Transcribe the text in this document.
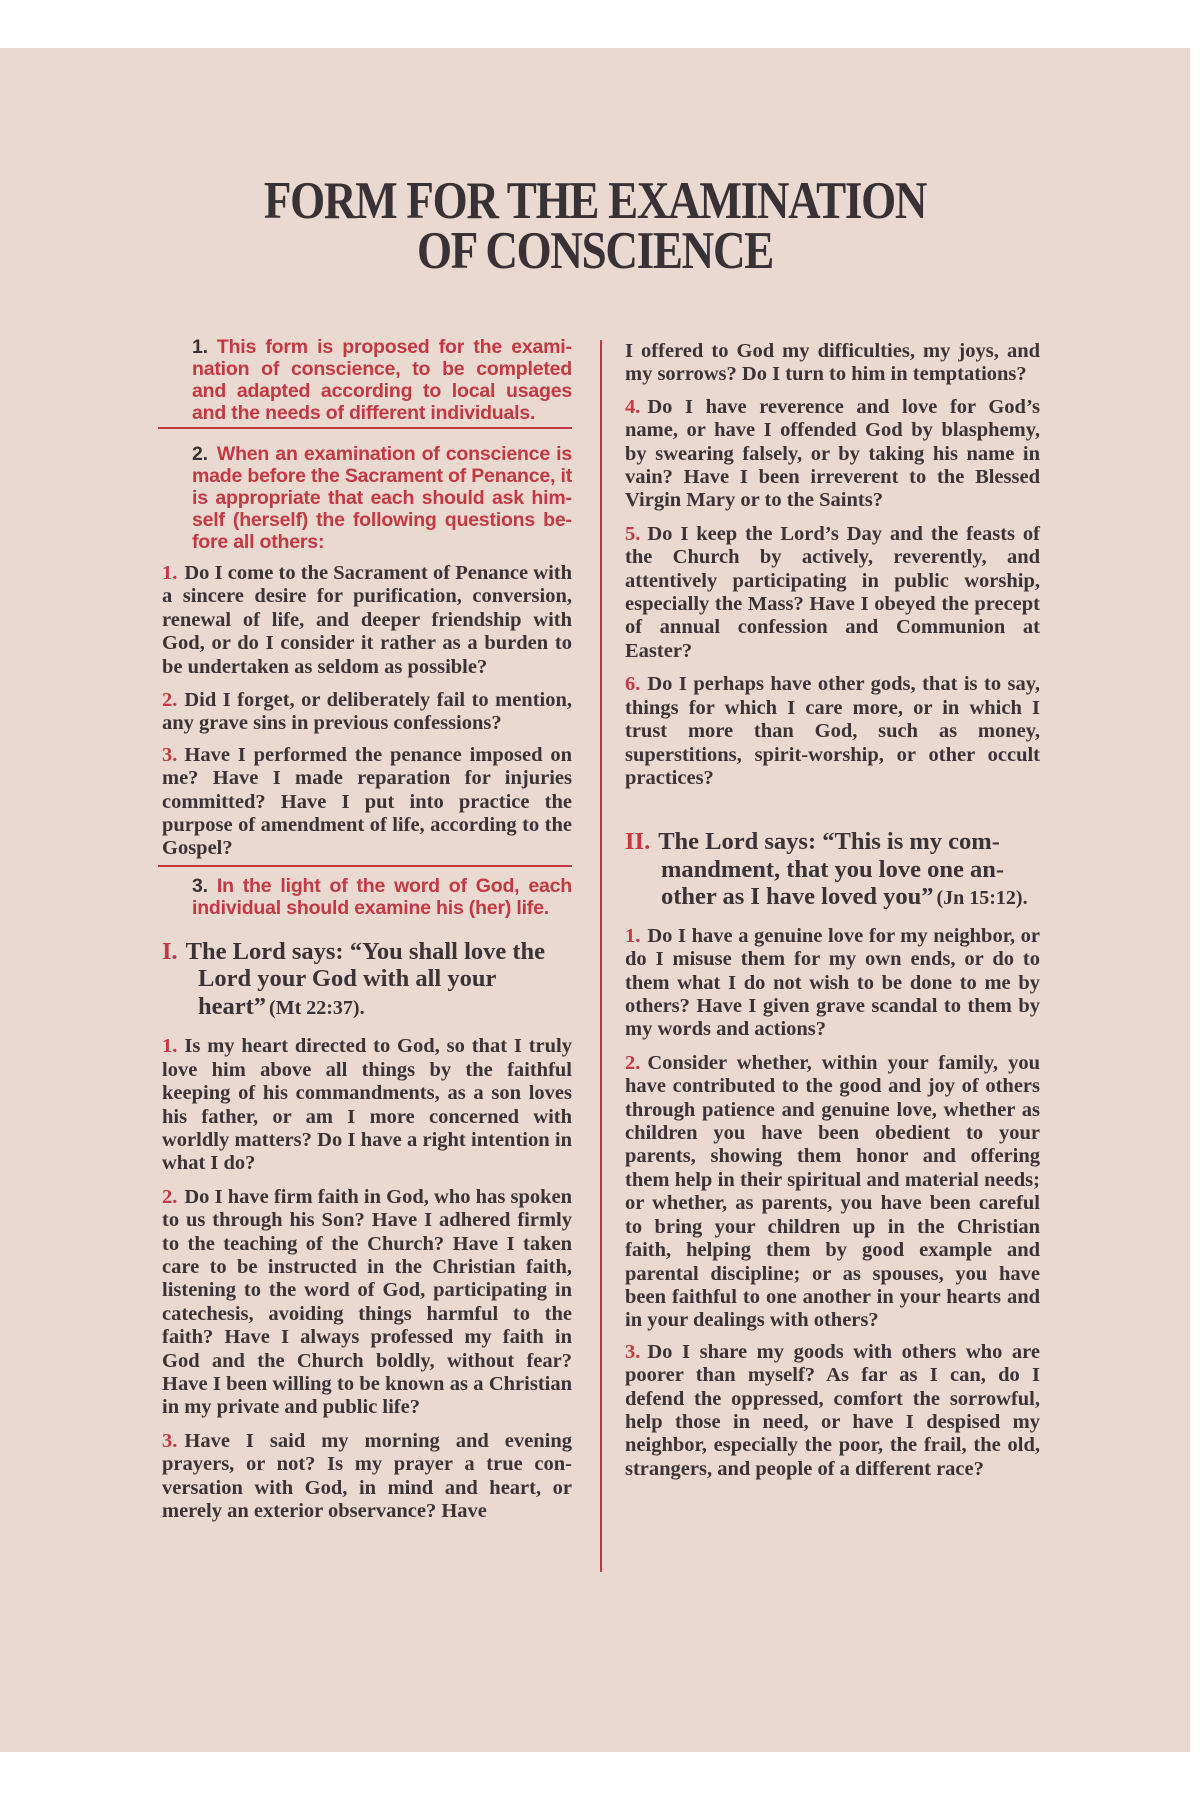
FORM FOR THE EXAMINATION
OF CONSCIENCE

1. This form is proposed for the examination of conscience, to be completed and adapted according to local usages and the needs of different individuals.

2. When an examination of conscience is made before the Sacrament of Penance, it is appropriate that each should ask himself (herself) the following questions before all others:

1. Do I come to the Sacrament of Penance with a sincere desire for purification, conversion, renewal of life, and deeper friendship with God, or do I consider it rather as a burden to be undertaken as seldom as possible?

2. Did I forget, or deliberately fail to mention, any grave sins in previous confessions?

3. Have I performed the penance imposed on me? Have I made reparation for injuries committed? Have I put into practice the purpose of amendment of life, according to the Gospel?

3. In the light of the word of God, each individual should examine his (her) life.

I. The Lord says: “You shall love the Lord your God with all your heart” (Mt 22:37).

1. Is my heart directed to God, so that I truly love him above all things by the faithful keeping of his commandments, as a son loves his father, or am I more concerned with worldly matters? Do I have a right intention in what I do?

2. Do I have firm faith in God, who has spoken to us through his Son? Have I adhered firmly to the teaching of the Church? Have I taken care to be instructed in the Christian faith, listening to the word of God, participating in catechesis, avoiding things harmful to the faith? Have I always professed my faith in God and the Church boldly, without fear? Have I been willing to be known as a Christian in my private and public life?

3. Have I said my morning and evening prayers, or not? Is my prayer a true conversation with God, in mind and heart, or merely an exterior observance? Have

I offered to God my difficulties, my joys, and my sorrows? Do I turn to him in temptations?

4. Do I have reverence and love for God’s name, or have I offended God by blasphemy, by swearing falsely, or by taking his name in vain? Have I been irreverent to the Blessed Virgin Mary or to the Saints?

5. Do I keep the Lord’s Day and the feasts of the Church by actively, reverently, and attentively participating in public worship, especially the Mass? Have I obeyed the precept of annual confession and Communion at Easter?

6. Do I perhaps have other gods, that is to say, things for which I care more, or in which I trust more than God, such as money, superstitions, spirit-worship, or other occult practices?

II. The Lord says: “This is my commandment, that you love one another as I have loved you” (Jn 15:12).

1. Do I have a genuine love for my neighbor, or do I misuse them for my own ends, or do to them what I do not wish to be done to me by others? Have I given grave scandal to them by my words and actions?

2. Consider whether, within your family, you have contributed to the good and joy of others through patience and genuine love, whether as children you have been obedient to your parents, showing them honor and offering them help in their spiritual and material needs; or whether, as parents, you have been careful to bring your children up in the Christian faith, helping them by good example and parental discipline; or as spouses, you have been faithful to one another in your hearts and in your dealings with others?

3. Do I share my goods with others who are poorer than myself? As far as I can, do I defend the oppressed, comfort the sorrowful, help those in need, or have I despised my neighbor, especially the poor, the frail, the old, strangers, and people of a different race?
